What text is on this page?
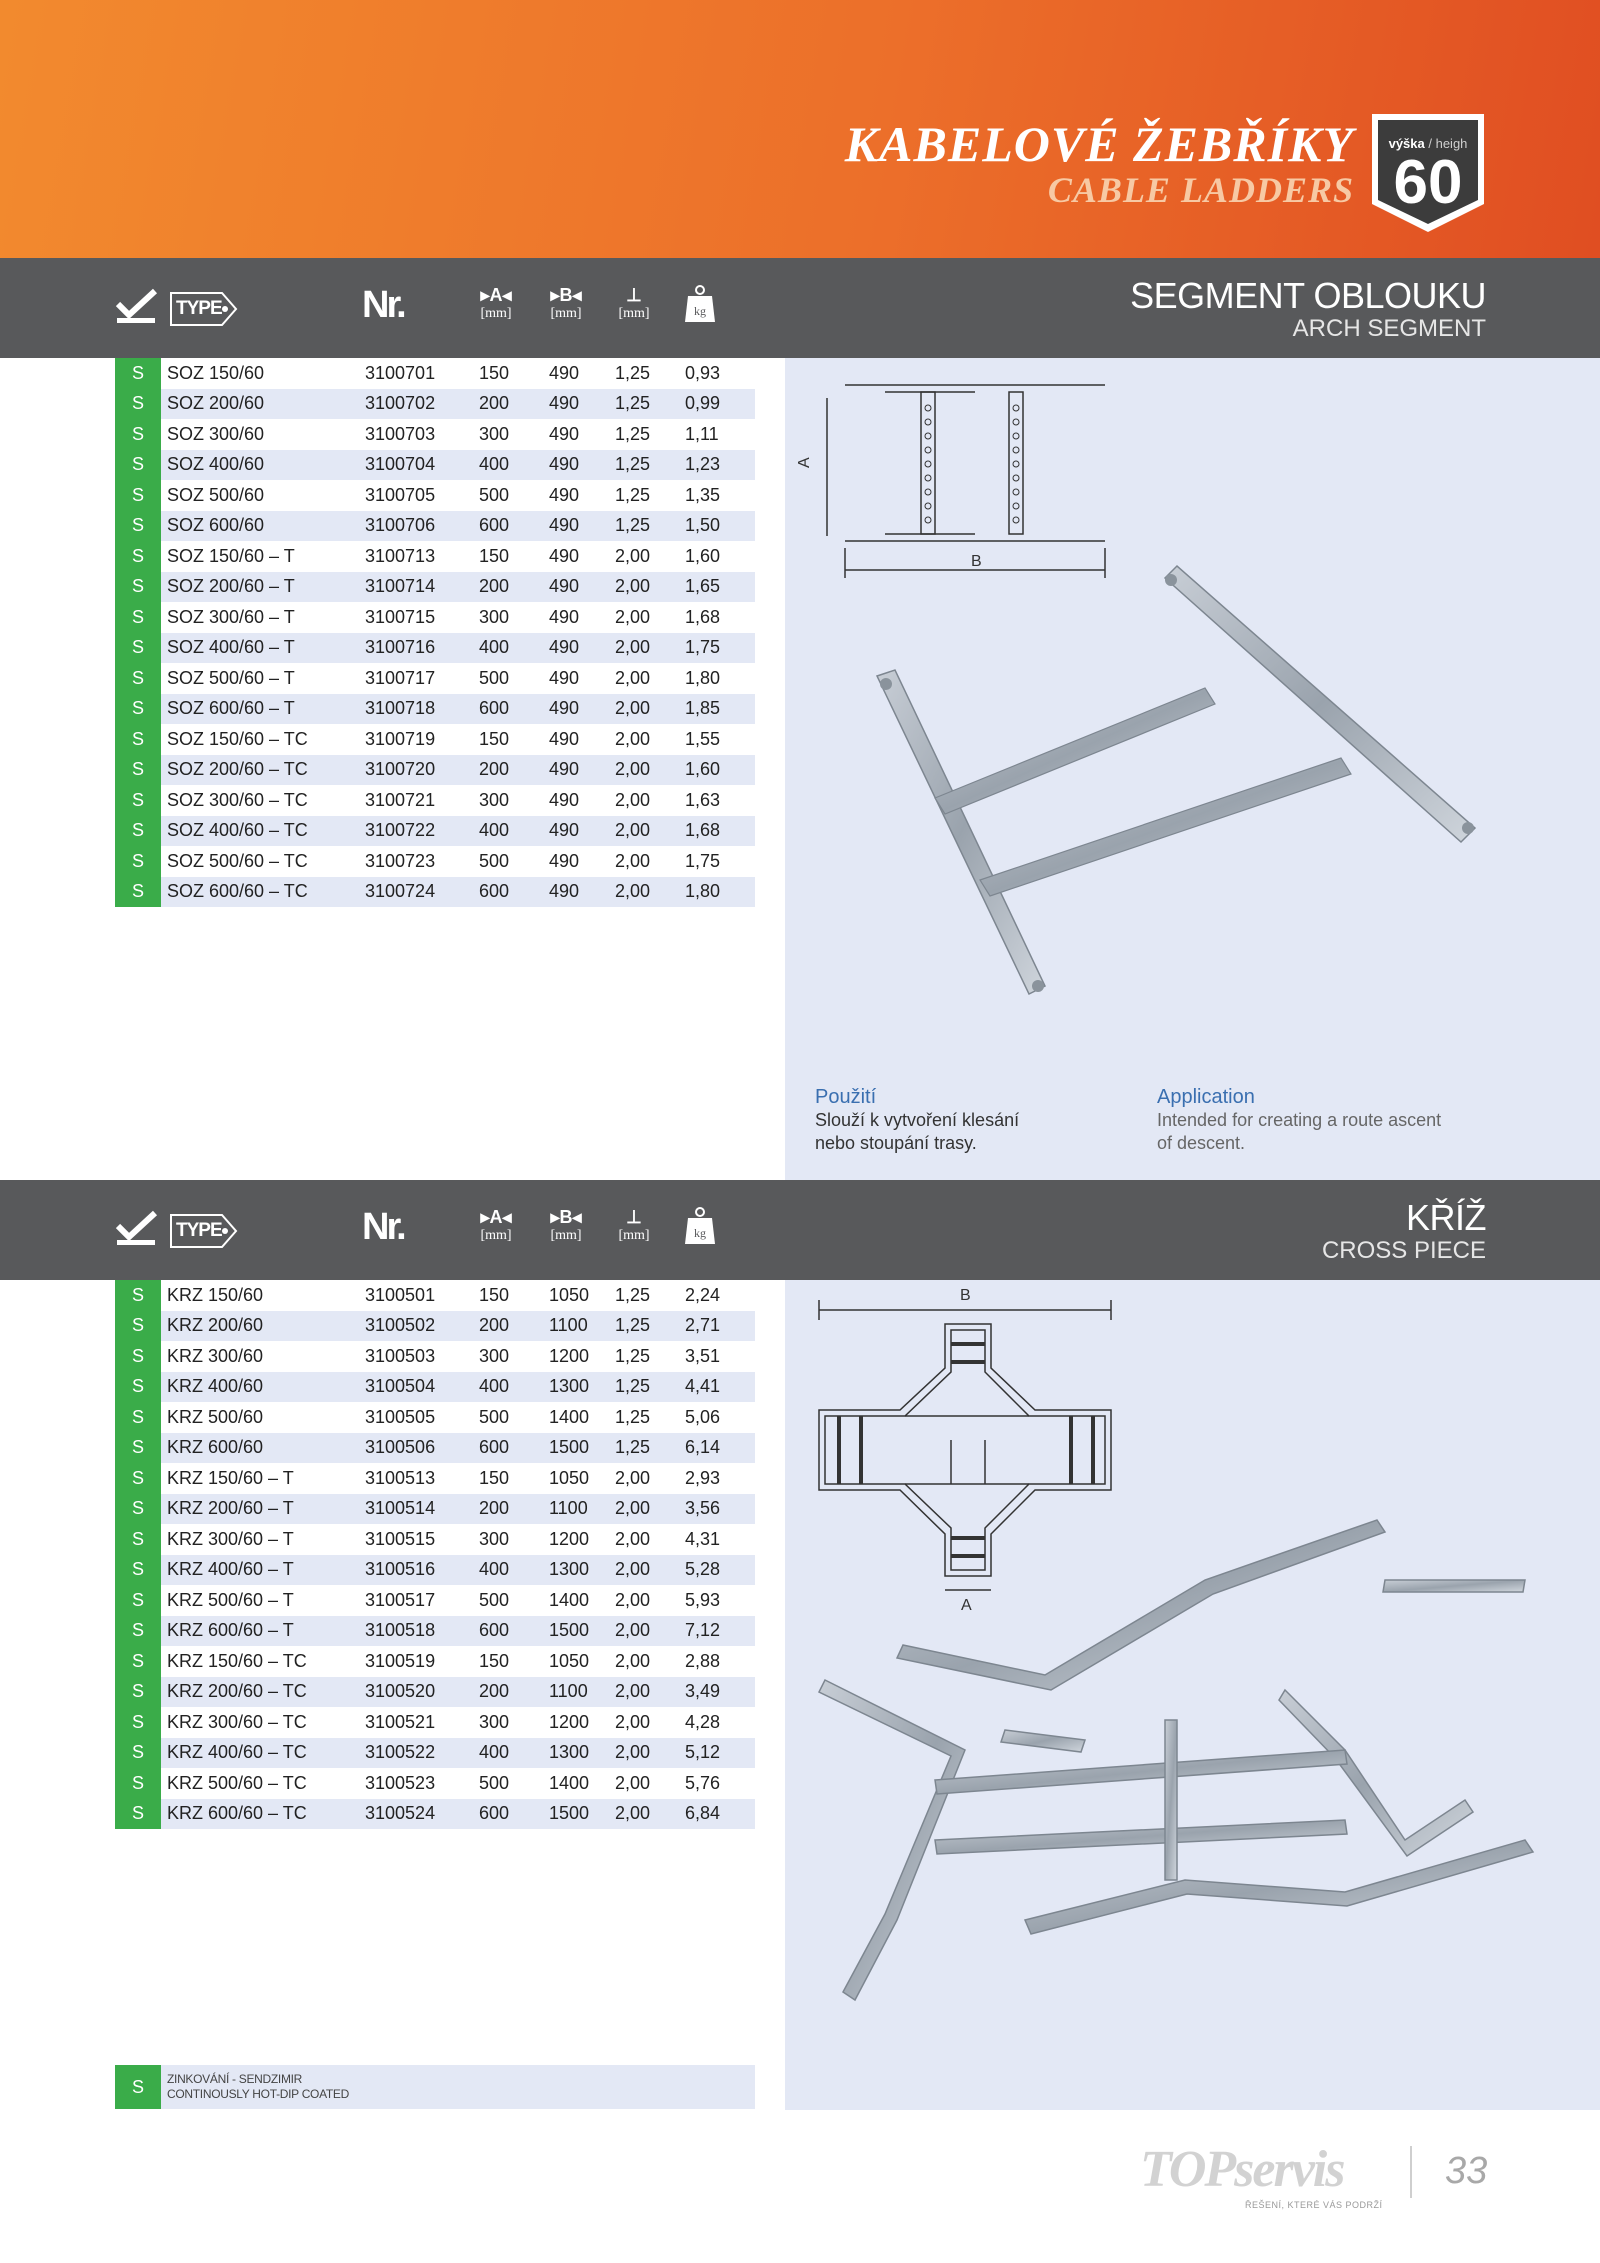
KABELOVÉ ŽEBŘÍKY
CABLE LADDERS
výška / heigh
60
TYPE	Nr.	▸A◂
[mm]
▸B◂
[mm]
⊥
[mm]	kg	SEGMENT OBLOUKU
ARCH SEGMENT
S	SOZ 150/60	3100701	150	490	1,25	0,93
S	SOZ 200/60	3100702	200	490	1,25	0,99
S	SOZ 300/60	3100703	300	490	1,25	1,11
S	SOZ 400/60	3100704	400	490	1,25	1,23
S	SOZ 500/60	3100705	500	490	1,25	1,35
S	SOZ 600/60	3100706	600	490	1,25	1,50
S	SOZ 150/60 – T	3100713	150	490	2,00	1,60
S	SOZ 200/60 – T	3100714	200	490	2,00	1,65
S	SOZ 300/60 – T	3100715	300	490	2,00	1,68
S	SOZ 400/60 – T	3100716	400	490	2,00	1,75
S	SOZ 500/60 – T	3100717	500	490	2,00	1,80
S	SOZ 600/60 – T	3100718	600	490	2,00	1,85
S	SOZ 150/60 – TC	3100719	150	490	2,00	1,55
S	SOZ 200/60 – TC	3100720	200	490	2,00	1,60
S	SOZ 300/60 – TC	3100721	300	490	2,00	1,63
S	SOZ 400/60 – TC	3100722	400	490	2,00	1,68
S	SOZ 500/60 – TC	3100723	500	490	2,00	1,75
S	SOZ 600/60 – TC	3100724	600	490	2,00	1,80
A
B
Použití
Slouží k vytvoření klesání
nebo stoupání trasy.
Application
Intended for creating a route ascent
of descent.
TYPE	Nr.	▸A◂
[mm]
▸B◂
[mm]
⊥
[mm]	kg	KŘÍŽ
CROSS PIECE
S	KRZ 150/60	3100501	150	1050	1,25	2,24
S	KRZ 200/60	3100502	200	1100	1,25	2,71
S	KRZ 300/60	3100503	300	1200	1,25	3,51
S	KRZ 400/60	3100504	400	1300	1,25	4,41
S	KRZ 500/60	3100505	500	1400	1,25	5,06
S	KRZ 600/60	3100506	600	1500	1,25	6,14
S	KRZ 150/60 – T	3100513	150	1050	2,00	2,93
S	KRZ 200/60 – T	3100514	200	1100	2,00	3,56
S	KRZ 300/60 – T	3100515	300	1200	2,00	4,31
S	KRZ 400/60 – T	3100516	400	1300	2,00	5,28
S	KRZ 500/60 – T	3100517	500	1400	2,00	5,93
S	KRZ 600/60 – T	3100518	600	1500	2,00	7,12
S	KRZ 150/60 – TC	3100519	150	1050	2,00	2,88
S	KRZ 200/60 – TC	3100520	200	1100	2,00	3,49
S	KRZ 300/60 – TC	3100521	300	1200	2,00	4,28
S	KRZ 400/60 – TC	3100522	400	1300	2,00	5,12
S	KRZ 500/60 – TC	3100523	500	1400	2,00	5,76
S	KRZ 600/60 – TC	3100524	600	1500	2,00	6,84
B
A
S	ZINKOVÁNÍ - SENDZIMIR
CONTINOUSLY HOT-DIP COATED
TOPservis
ŘEŠENÍ, KTERÉ VÁS PODRŽÍ
33
